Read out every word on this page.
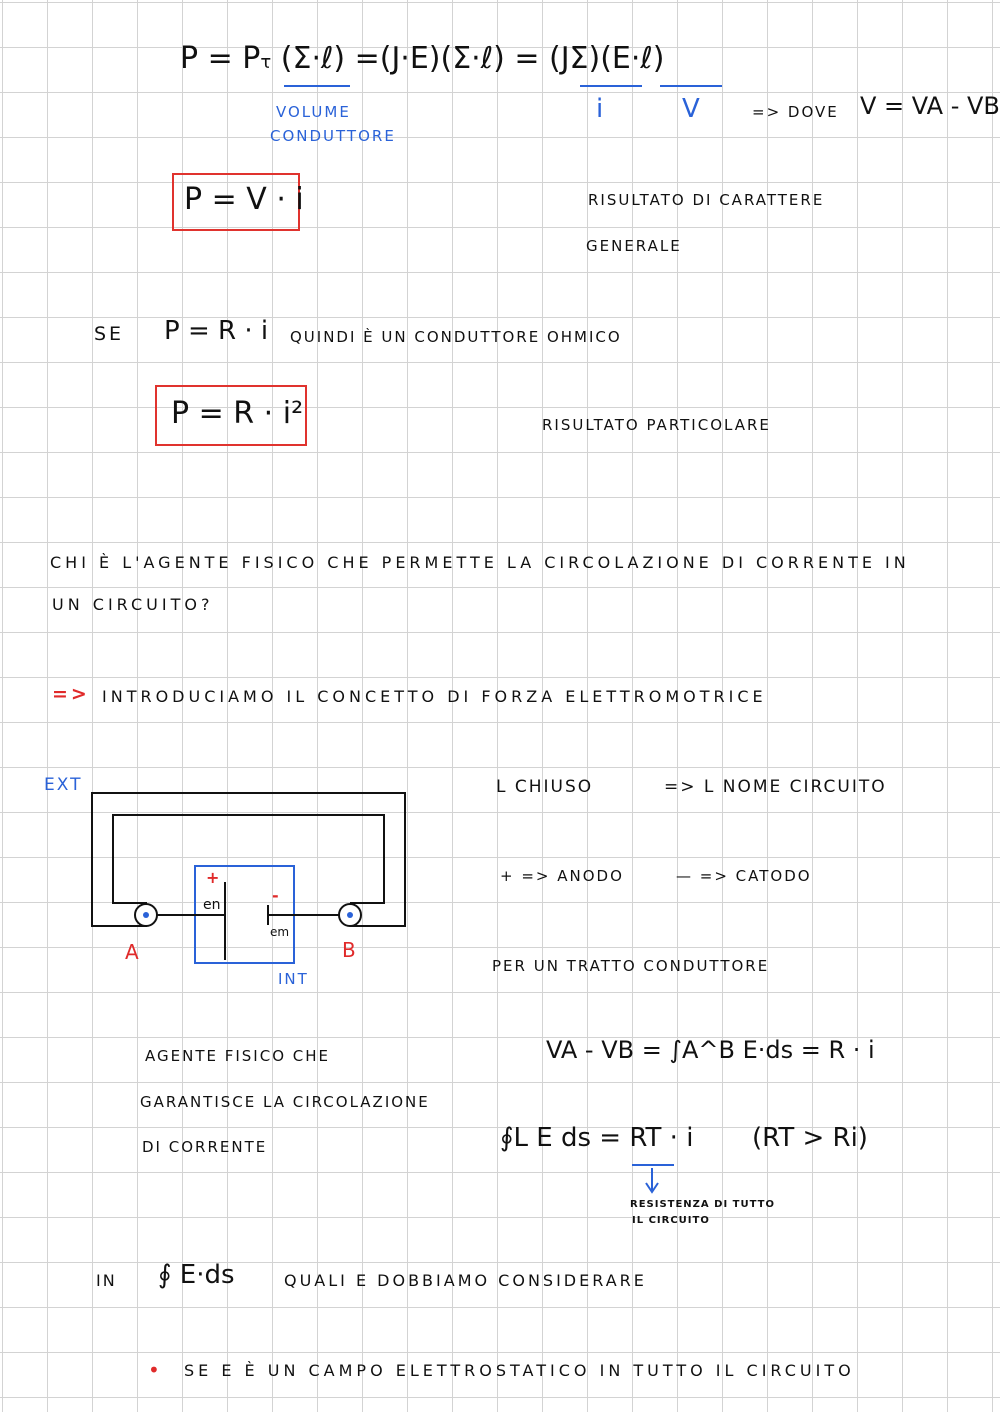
P = Pτ (Σ·ℓ) =(J·E)(Σ·ℓ) = (JΣ)(E·ℓ)
i	V	=> DOVE V = VA - VB
VOLUME
CONDUTTORE
P = V · i	RISULTATO DI CARATTERE
GENERALE
SE P = R · i QUINDI È UN CONDUTTORE OHMICO
P = R · i²	RISULTATO PARTICOLARE
CHI È L'AGENTE FISICO CHE PERMETTE LA CIRCOLAZIONE DI CORRENTE IN
UN CIRCUITO?
=> INTRODUCIAMO IL CONCETTO DI FORZA ELETTROMOTRICE
EXT
INT
+
-
en
em
A	B
AGENTE FISICO CHE
GARANTISCE LA CIRCOLAZIONE
DI CORRENTE
L CHIUSO	=> L NOME CIRCUITO
+ => ANODO	— => CATODO
PER UN TRATTO CONDUTTORE
VA - VB = ∫A^B E·ds = R · i
∮L E ds = RT · i (RT > Ri)
RESISTENZA DI TUTTO
IL CIRCUITO
IN ∮ E·ds	QUALI E DOBBIAMO CONSIDERARE
• SE E È UN CAMPO ELETTROSTATICO IN TUTTO IL CIRCUITO
